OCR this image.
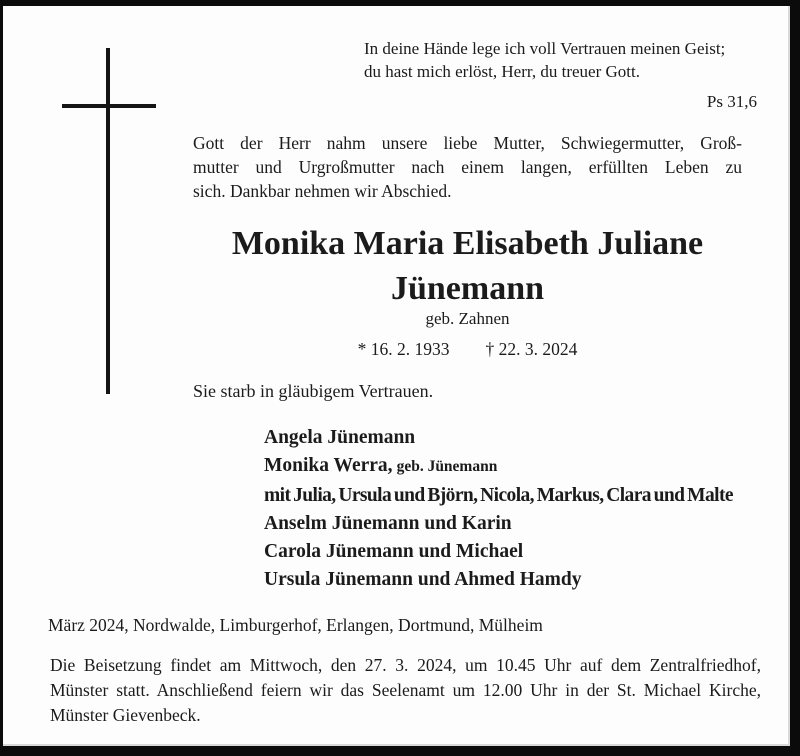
In deine Hände lege ich voll Vertrauen meinen Geist;
du hast mich erlöst, Herr, du treuer Gott.
Ps 31,6
Gott der Herr nahm unsere liebe Mutter, Schwiegermutter, Groß-
mutter und Urgroßmutter nach einem langen, erfüllten Leben zu
sich. Dankbar nehmen wir Abschied.
Monika Maria Elisabeth Juliane
Jünemann
geb. Zahnen
* 16. 2. 1933 † 22. 3. 2024
Sie starb in gläubigem Vertrauen.
Angela Jünemann
Monika Werra, geb. Jünemann
mit Julia, Ursula und Björn, Nicola, Markus, Clara und Malte
Anselm Jünemann und Karin
Carola Jünemann und Michael
Ursula Jünemann und Ahmed Hamdy
März 2024, Nordwalde, Limburgerhof, Erlangen, Dortmund, Mülheim
Die Beisetzung findet am Mittwoch, den 27. 3. 2024, um 10.45 Uhr auf dem Zentralfriedhof,
Münster statt. Anschließend feiern wir das Seelenamt um 12.00 Uhr in der St. Michael Kirche,
Münster Gievenbeck.
